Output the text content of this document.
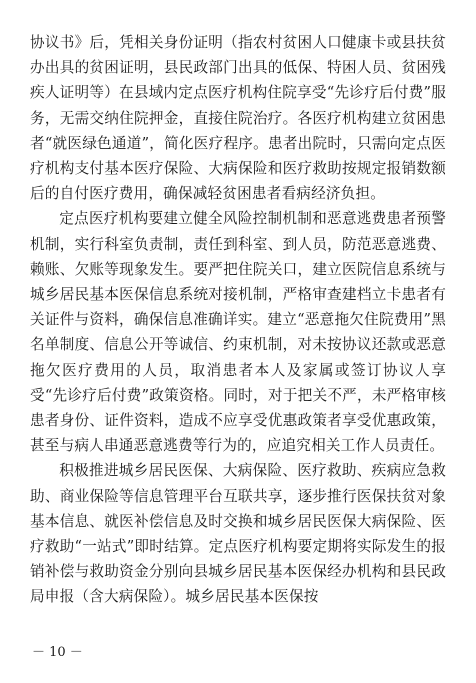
协议书》后，凭相关身份证明（指农村贫困人口健康卡或县扶贫办出具的贫困证明，县民政部门出具的低保、特困人员、贫困残疾人证明等）在县域内定点医疗机构住院享受“先诊疗后付费”服务，无需交纳住院押金，直接住院治疗。各医疗机构建立贫困患者“就医绿色通道”，简化医疗程序。患者出院时，只需向定点医疗机构支付基本医疗保险、大病保险和医疗救助按规定报销数额后的自付医疗费用，确保减轻贫困患者看病经济负担。

定点医疗机构要建立健全风险控制机制和恶意逃费患者预警机制，实行科室负责制，责任到科室、到人员，防范恶意逃费、赖账、欠账等现象发生。要严把住院关口，建立医院信息系统与城乡居民基本医保信息系统对接机制，严格审查建档立卡患者有关证件与资料，确保信息准确详实。建立“恶意拖欠住院费用”黑名单制度、信息公开等诚信、约束机制，对未按协议还款或恶意拖欠医疗费用的人员，取消患者本人及家属或签订协议人享受“先诊疗后付费”政策资格。同时，对于把关不严，未严格审核患者身份、证件资料，造成不应享受优惠政策者享受优惠政策，甚至与病人串通恶意逃费等行为的，应追究相关工作人员责任。

积极推进城乡居民医保、大病保险、医疗救助、疾病应急救助、商业保险等信息管理平台互联共享，逐步推行医保扶贫对象基本信息、就医补偿信息及时交换和城乡居民医保大病保险、医疗救助“一站式”即时结算。定点医疗机构要定期将实际发生的报销补偿与救助资金分别向县城乡居民基本医保经办机构和县民政局申报（含大病保险）。城乡居民基本医保按

－ 10 －
